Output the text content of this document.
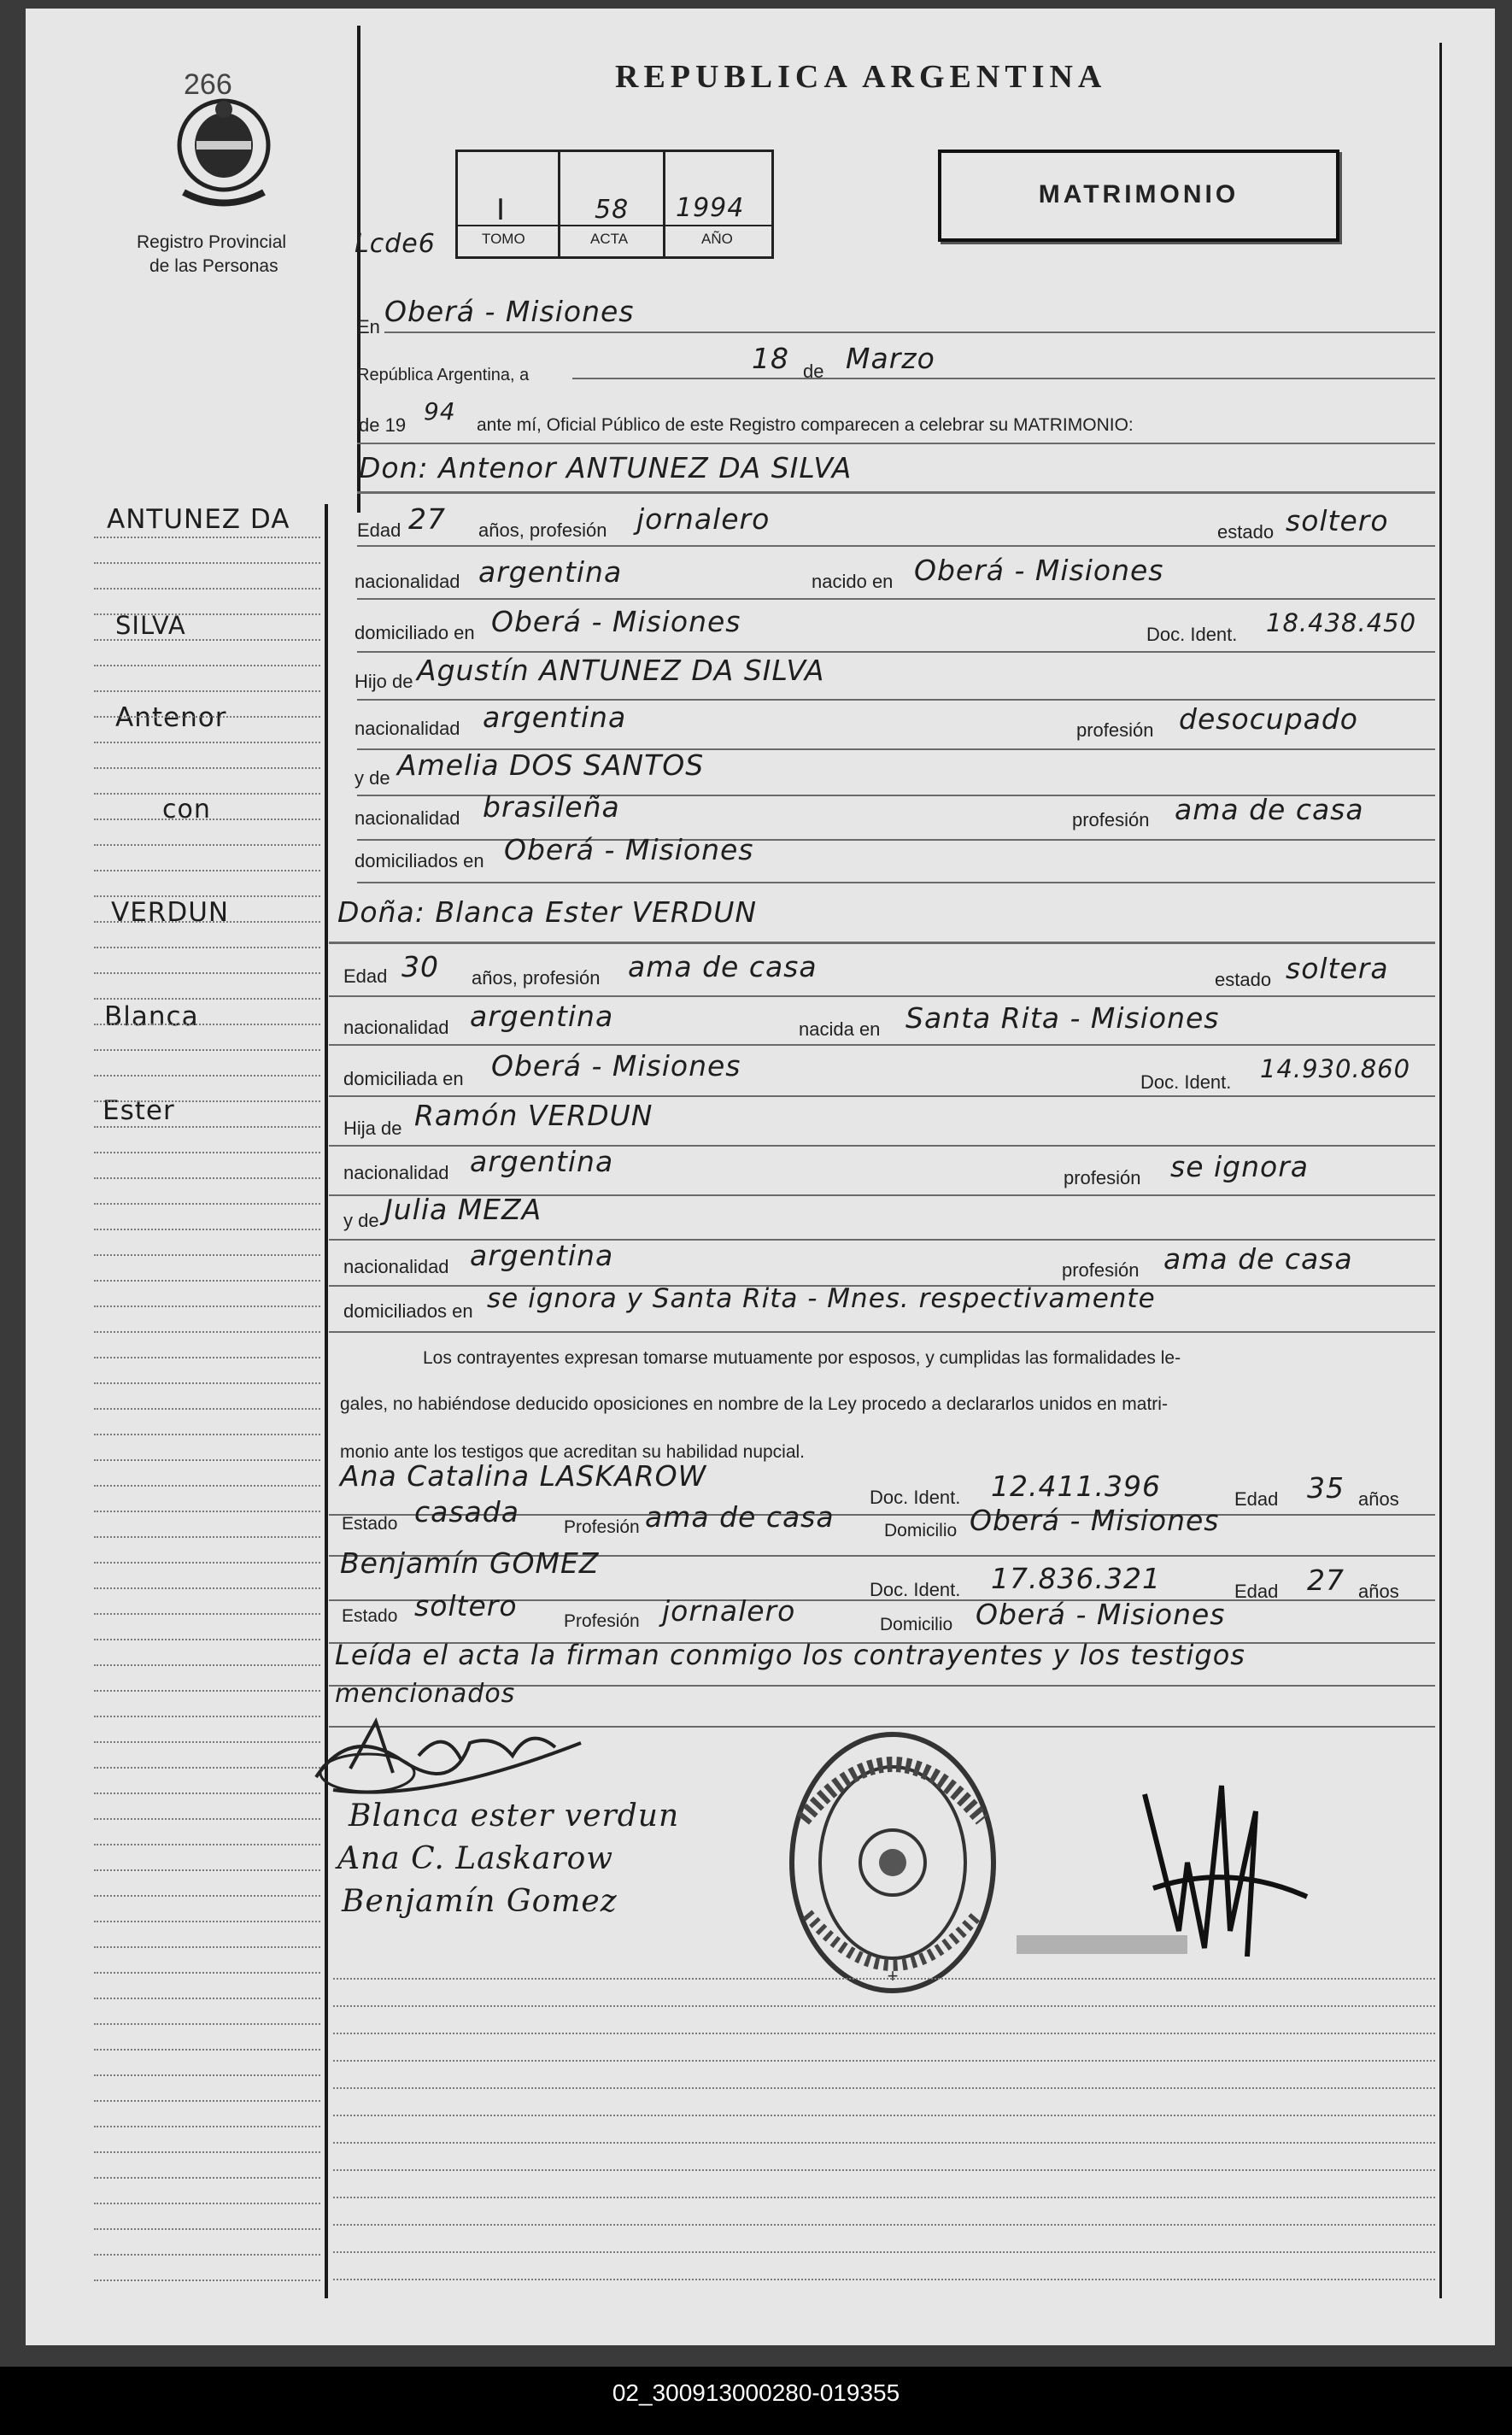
266
Registro Provincial
de las Personas
REPUBLICA ARGENTINA
Lcde6
I
TOMO
58
ACTA
1994
AÑO
MATRIMONIO
ANTUNEZ DA
SILVA
Antenor
con
VERDUN
Blanca
Ester
En Oberá - Misiones
República Argentina, a	18 de Marzo
de 19 94 ante mí, Oficial Público de este Registro comparecen a celebrar su MATRIMONIO:
Don: Antenor ANTUNEZ DA SILVA
Edad 27 años, profesión jornalero	estado soltero
nacionalidad argentina	nacido en Oberá - Misiones
domiciliado en Oberá - Misiones	Doc. Ident. 18.438.450
Hijo de Agustín ANTUNEZ DA SILVA
nacionalidad argentina	profesión desocupado
y de Amelia DOS SANTOS
nacionalidad brasileña	profesión ama de casa
domiciliados en Oberá - Misiones
Doña: Blanca Ester VERDUN
Edad 30 años, profesión ama de casa	estado soltera
nacionalidad argentina	nacida en Santa Rita - Misiones
domiciliada en Oberá - Misiones	Doc. Ident. 14.930.860
Hija de Ramón VERDUN
nacionalidad argentina	profesión se ignora
y de Julia MEZA
nacionalidad argentina	profesión ama de casa
domiciliados en se ignora y Santa Rita - Mnes. respectivamente
Los contrayentes expresan tomarse mutuamente por esposos, y cumplidas las formalidades le-
gales, no habiéndose deducido oposiciones en nombre de la Ley procedo a declararlos unidos en matri-
monio ante los testigos que acreditan su habilidad nupcial.
Ana Catalina LASKAROW
Doc. Ident. 12.411.396	Edad 35 años
Estado casada Profesión ama de casa	Domicilio Oberá - Misiones
Benjamín GOMEZ
Doc. Ident. 17.836.321	Edad 27 años
Estado soltero	Profesión jornalero	Domicilio Oberá - Misiones
Leída el acta la firman conmigo los contrayentes y los testigos
mencionados
Blanca ester verdun
Ana C. Laskarow
Benjamín Gomez
+
02_300913000280-019355
